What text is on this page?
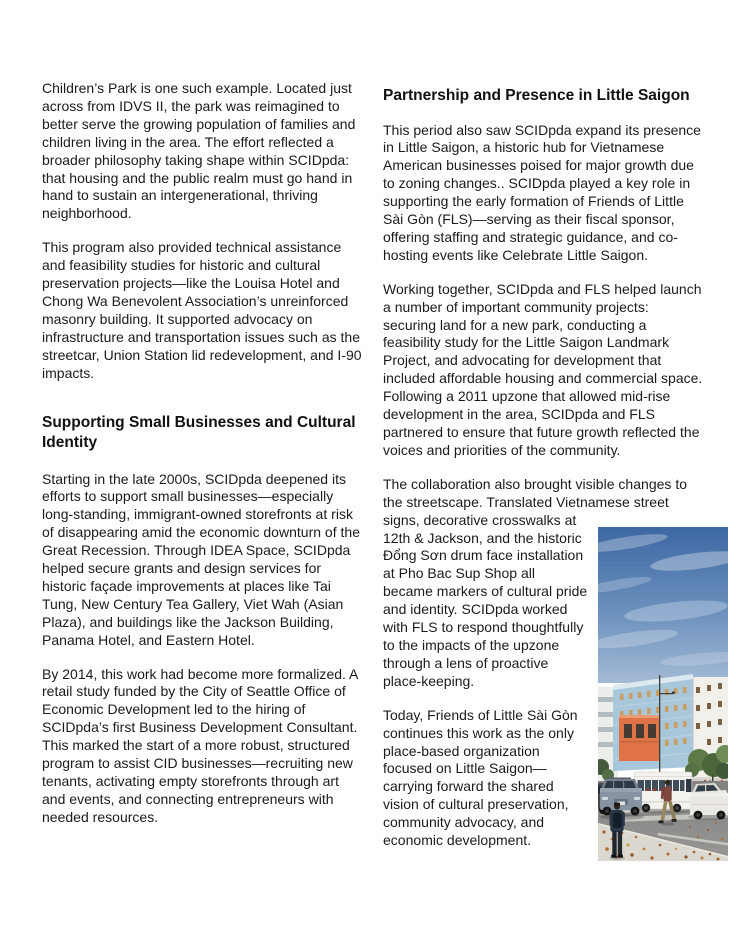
Children’s Park is one such example. Located just across from IDVS II, the park was reimagined to better serve the growing population of families and children living in the area. The effort reflected a broader philosophy taking shape within SCIDpda: that housing and the public realm must go hand in hand to sustain an intergenerational, thriving neighborhood.

This program also provided technical assistance and feasibility studies for historic and cultural preservation projects—like the Louisa Hotel and Chong Wa Benevolent Association’s unreinforced masonry building. It supported advocacy on infrastructure and transportation issues such as the streetcar, Union Station lid redevelopment, and I-90 impacts.

Supporting Small Businesses and Cultural Identity

Starting in the late 2000s, SCIDpda deepened its efforts to support small businesses—especially long-standing, immigrant-owned storefronts at risk of disappearing amid the economic downturn of the Great Recession. Through IDEA Space, SCIDpda helped secure grants and design services for historic façade improvements at places like Tai Tung, New Century Tea Gallery, Viet Wah (Asian Plaza), and buildings like the Jackson Building, Panama Hotel, and Eastern Hotel.

By 2014, this work had become more formalized. A retail study funded by the City of Seattle Office of Economic Development led to the hiring of SCIDpda’s first Business Development Consultant. This marked the start of a more robust, structured program to assist CID businesses—recruiting new tenants, activating empty storefronts through art and events, and connecting entrepreneurs with needed resources.

Partnership and Presence in Little Saigon

This period also saw SCIDpda expand its presence in Little Saigon, a historic hub for Vietnamese American businesses poised for major growth due to zoning changes.. SCIDpda played a key role in supporting the early formation of Friends of Little Sài Gòn (FLS)—serving as their fiscal sponsor, offering staffing and strategic guidance, and co-hosting events like Celebrate Little Saigon.

Working together, SCIDpda and FLS helped launch a number of important community projects: securing land for a new park, conducting a feasibility study for the Little Saigon Landmark Project, and advocating for development that included affordable housing and commercial space. Following a 2011 upzone that allowed mid-rise development in the area, SCIDpda and FLS partnered to ensure that future growth reflected the voices and priorities of the community.

The collaboration also brought visible changes to the streetscape. Translated Vietnamese street
signs, decorative crosswalks at 12th & Jackson, and the historic Đổng Sơn drum face installation at Pho Bac Sup Shop all became markers of cultural pride and identity. SCIDpda worked with FLS to respond thoughtfully to the impacts of the upzone through a lens of proactive place-keeping.

Today, Friends of Little Sài Gòn continues this work as the only place-based organization focused on Little Saigon—carrying forward the shared vision of cultural preservation, community advocacy, and economic development.
